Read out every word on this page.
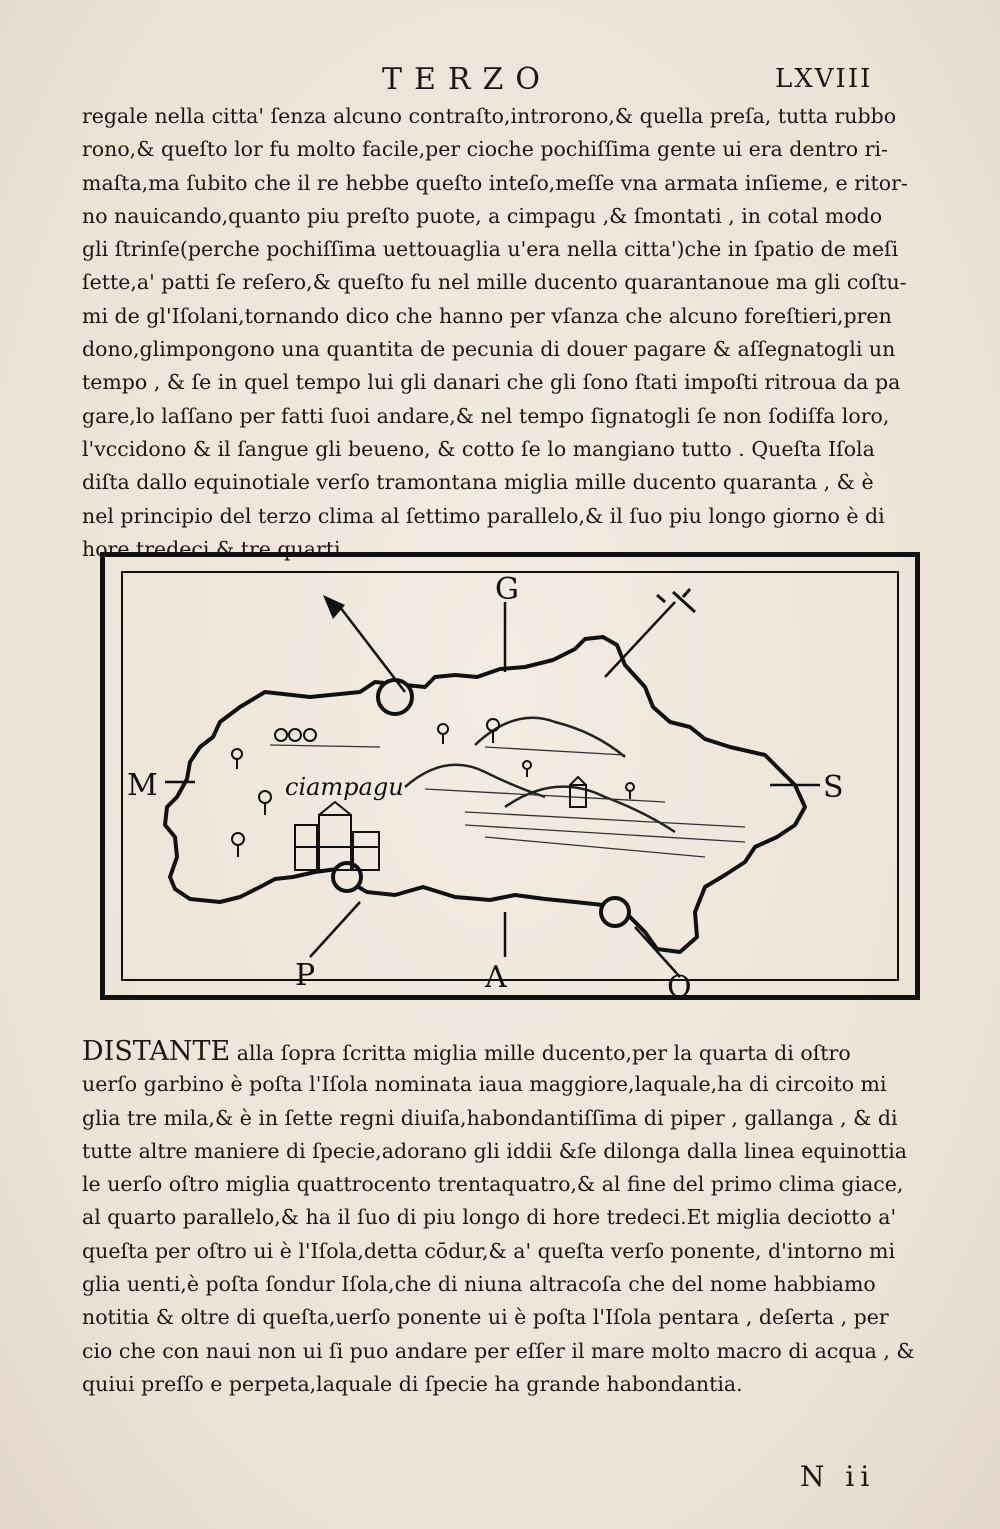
TERZO	LXVIII
regale nella citta' ſenza alcuno contraſto,introrono,& quella preſa, tutta rubbo
rono,& queſto lor fu molto facile,per cioche pochiſſima gente ui era dentro ri-
maſta,ma ſubito che il re hebbe queſto inteſo,meſſe vna armata inſieme, e ritor-
no nauicando,quanto piu preſto puote, a cimpagu ,& ſmontati , in cotal modo
gli ſtrinſe(perche pochiſſima uettouaglia u'era nella citta')che in ſpatio de meſi
ſette,a' patti ſe reſero,& queſto fu nel mille ducento quarantanoue ma gli coſtu-
mi de gl'Iſolani,tornando dico che hanno per vſanza che alcuno foreſtieri,pren
dono,glimpongono una quantita de pecunia di douer pagare & aſſegnatogli un
tempo , & ſe in quel tempo lui gli danari che gli ſono ſtati impoſti ritroua da pa
gare,lo laſſano per fatti ſuoi andare,& nel tempo ſignatogli ſe non ſodiſfa loro,
l'vccidono & il ſangue gli beueno, & cotto ſe lo mangiano tutto . Queſta Iſola
diſta dallo equinotiale verſo tramontana miglia mille ducento quaranta , & è
nel principio del terzo clima al ſettimo parallelo,& il ſuo piu longo giorno è di
hore tredeci & tre quarti.
ciampagu
G
S
M
A
P	O
DISTANTE alla ſopra ſcritta miglia mille ducento,per la quarta di oſtro
uerſo garbino è poſta l'Iſola nominata iaua maggiore,laquale,ha di circoito mi
glia tre mila,& è in ſette regni diuiſa,habondantiſſima di piper , gallanga , & di
tutte altre maniere di ſpecie,adorano gli iddii &ſe dilonga dalla linea equinottia
le uerſo oſtro miglia quattrocento trentaquatro,& al fine del primo clima giace,
al quarto parallelo,& ha il ſuo di piu longo di hore tredeci.Et miglia deciotto a'
queſta per oſtro ui è l'Iſola,detta cōdur,& a' queſta verſo ponente, d'intorno mi
glia uenti,è poſta ſondur Iſola,che di niuna altracoſa che del nome habbiamo
notitia & oltre di queſta,uerſo ponente ui è poſta l'Iſola pentara , deſerta , per
cio che con naui non ui ſi puo andare per eſſer il mare molto macro di acqua , &
quiui preſſo e perpeta,laquale di ſpecie ha grande habondantia.
N ii
